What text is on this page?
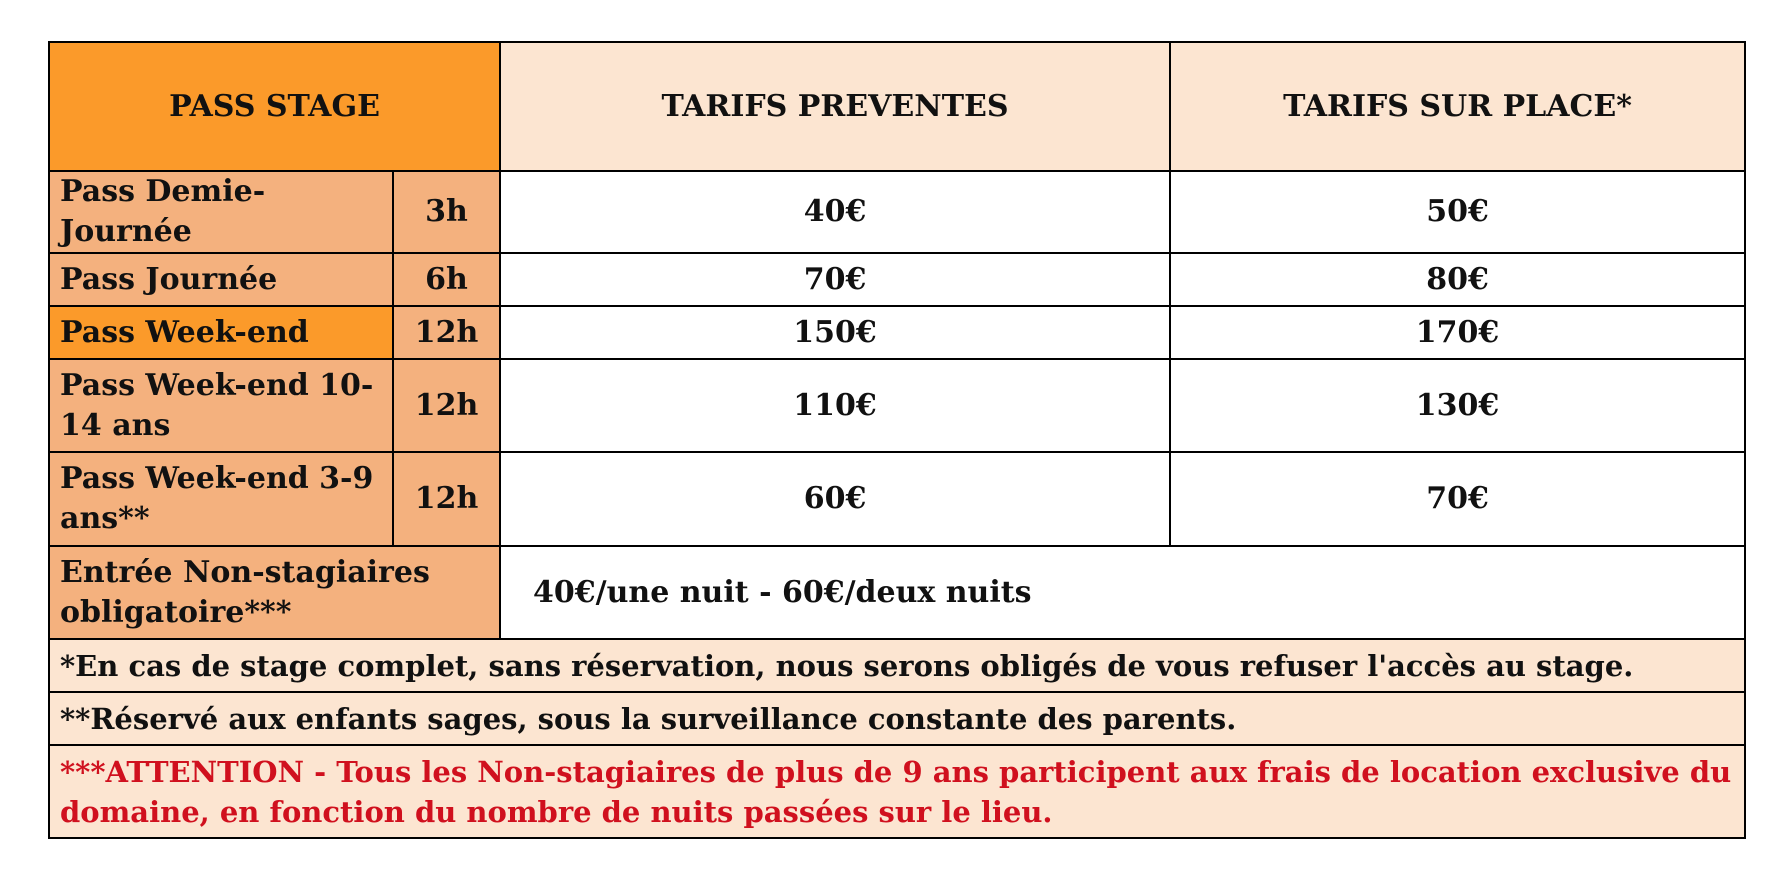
PASS STAGE		TARIFS PREVENTES	TARIFS SUR PLACE*
Pass Demie-Journée	3h	40€	50€
Pass Journée	6h	70€	80€
Pass Week-end	12h	150€	170€
Pass Week-end 10-14 ans	12h	110€	130€
Pass Week-end 3-9 ans**	12h	60€	70€
Entrée Non-stagiaires obligatoire***		40€/une nuit - 60€/deux nuits	
*En cas de stage complet, sans réservation, nous serons obligés de vous refuser l'accès au stage.			
**Réservé aux enfants sages, sous la surveillance constante des parents.			
***ATTENTION - Tous les Non-stagiaires de plus de 9 ans participent aux frais de location exclusive du domaine, en fonction du nombre de nuits passées sur le lieu.			
